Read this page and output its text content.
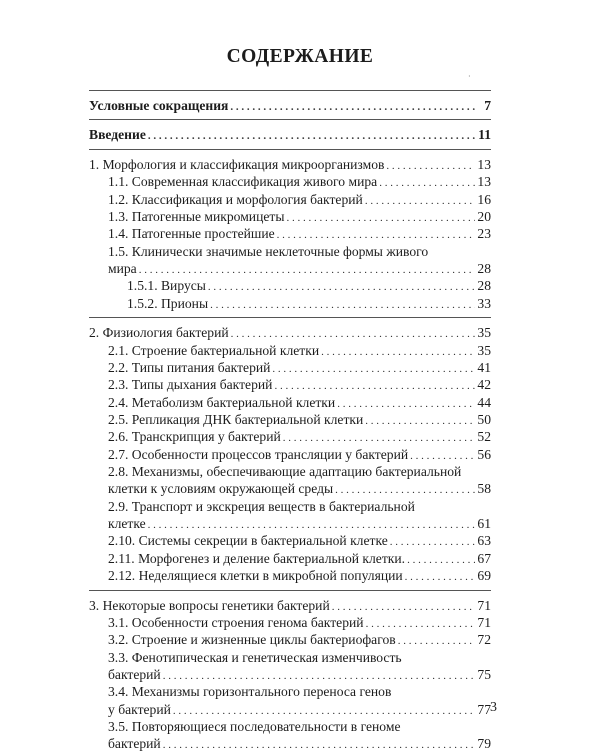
СОДЕРЖАНИЕ
·
Условные сокращения . . .	7
Введение . . .	11
1. Морфология и классификация микроорганизмов . . .	13
1.1. Современная классификация живого мира . . .	13
1.2. Классификация и морфология бактерий . . .	16
1.3. Патогенные микромицеты . . .	20
1.4. Патогенные простейшие . . .	23
1.5. Клинически значимые неклеточные формы живого
мира . . .	28
1.5.1. Вирусы . . .	28
1.5.2. Прионы . . .	33
2. Физиология бактерий . . .	35
2.1. Строение бактериальной клетки . . .	35
2.2. Типы питания бактерий . . .	41
2.3. Типы дыхания бактерий . . .	42
2.4. Метаболизм бактериальной клетки . . .	44
2.5. Репликация ДНК бактериальной клетки . . .	50
2.6. Транскрипция у бактерий . . .	52
2.7. Особенности процессов трансляции у бактерий . . .	56
2.8. Механизмы, обеспечивающие адаптацию бактериальной
клетки к условиям окружающей среды . . .	58
2.9. Транспорт и экскреция веществ в бактериальной
клетке . . .	61
2.10. Системы секреции в бактериальной клетке . . .	63
2.11. Морфогенез и деление бактериальной клетки. . . .	67
2.12. Неделящиеся клетки в микробной популяции . . .	69
3. Некоторые вопросы генетики бактерий . . .	71
3.1. Особенности строения генома бактерий . . .	71
3.2. Строение и жизненные циклы бактериофагов . . .	72
3.3. Фенотипическая и генетическая изменчивость
бактерий . . .	75
3.4. Механизмы горизонтального переноса генов
у бактерий . . .	77
3.5. Повторяющиеся последовательности в геноме
бактерий . . .	79
3
